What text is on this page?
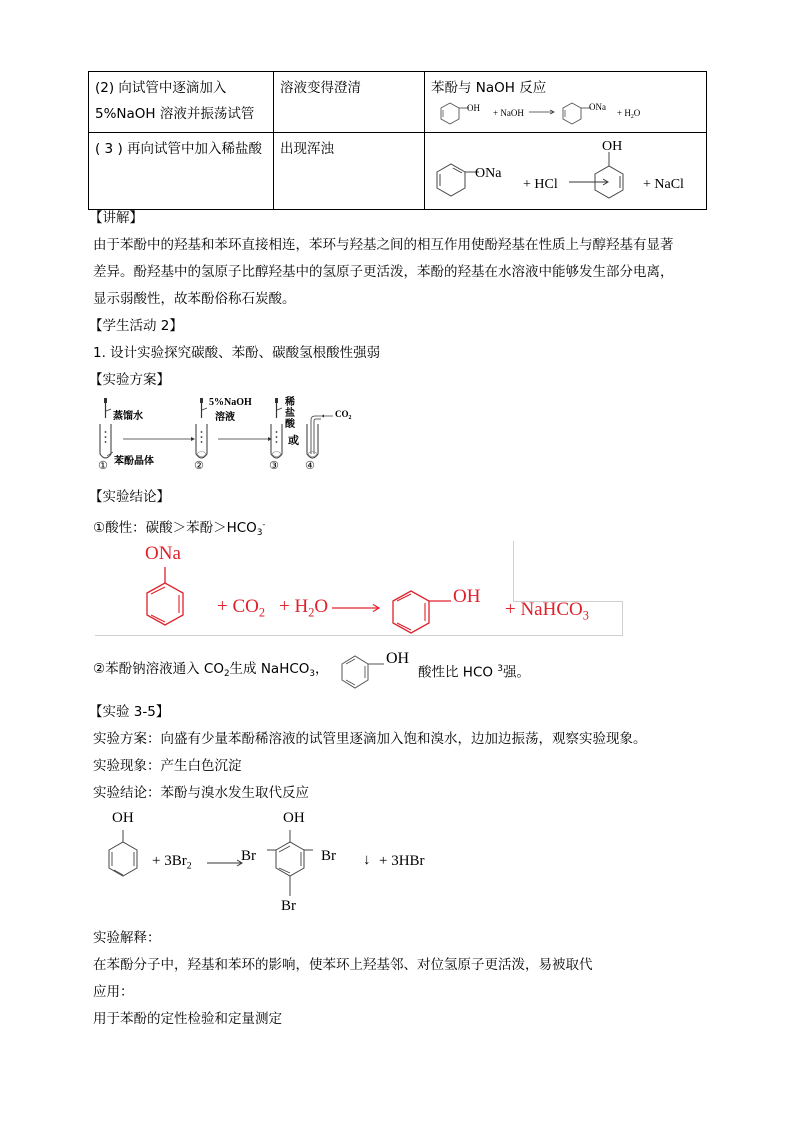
(2) 向试管中逐滴加入
5%NaOH 溶液并振荡试管
	溶液变得澄清	苯酚与 NaOH 反应
OH + NaOH
ONa
+ $H_2O$

( 3 ) 再向试管中加入稀盐酸	出现浑浊	ONa
+ HCl
OH
+ NaCl
【讲解】
由于苯酚中的羟基和苯环直接相连，苯环与羟基之间的相互作用使酚羟基在性质上与醇羟基有显著
差异。酚羟基中的氢原子比醇羟基中的氢原子更活泼，苯酚的羟基在水溶液中能够发生部分电离，
显示弱酸性，故苯酚俗称石炭酸。
【学生活动 2】
1. 设计实验探究碳酸、苯酚、碳酸氢根酸性强弱
【实验方案】
蒸馏水
苯酚晶体
5%NaOH
溶液
稀
盐
酸
或
$CO_2$
①	②	③ ④
【实验结论】
①酸性：碳酸＞苯酚$>HCO_3^-$
ONa
+ $CO_2 + H_2O$	OH
+ NaHCO$_3$
②苯酚钠溶液通入 $CO_2$生成 NaHCO$_3$，
OH
酸性比 HCO $^3$强。
【实验 3-5】
实验方案：向盛有少量苯酚稀溶液的试管里逐滴加入饱和溴水，边加边振荡，观察实验现象。
实验现象：产生白色沉淀
实验结论：苯酚与溴水发生取代反应
OH
+ $3Br_2$
OH
Br	Br
Br
↓ + 3HBr
实验解释：
在苯酚分子中，羟基和苯环的影响，使苯环上羟基邻、对位氢原子更活泼，易被取代
应用：
用于苯酚的定性检验和定量测定
